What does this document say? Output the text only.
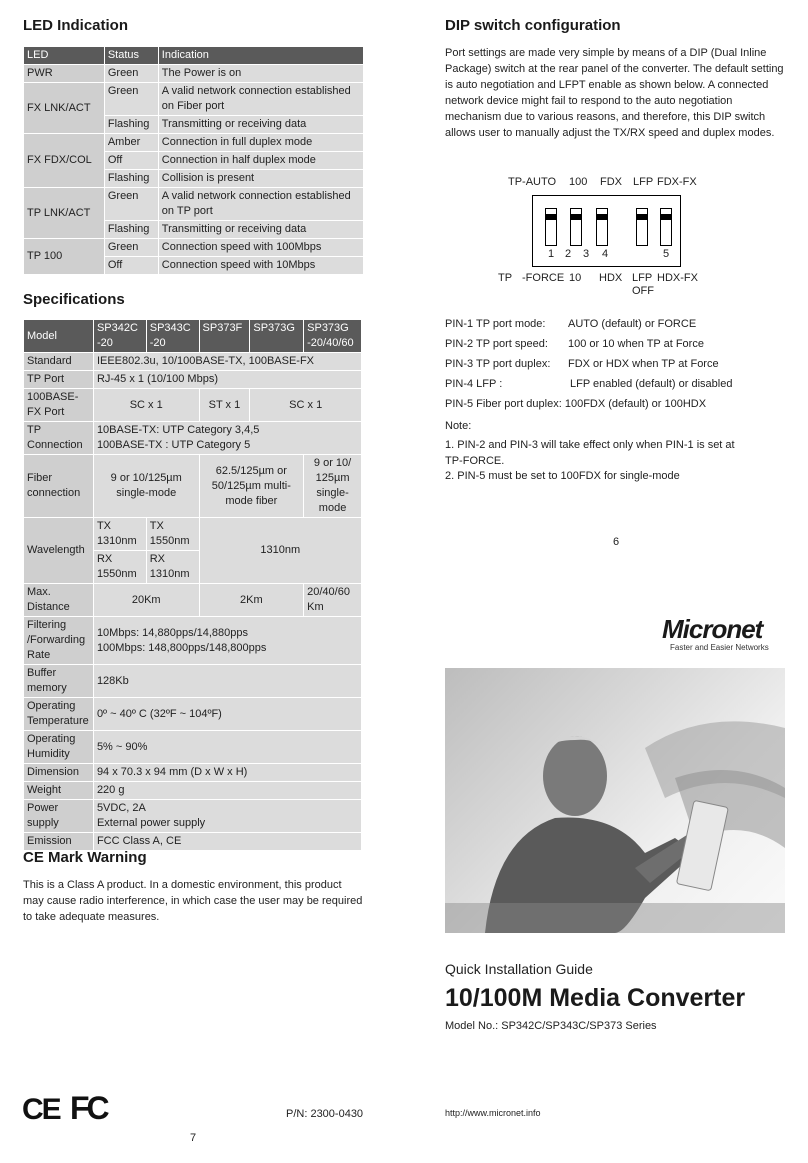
LED Indication
LED	Status	Indication
PWR	Green	The Power is on
FX LNK/ACT	Green	A valid network connection established on Fiber port
	Flashing	Transmitting or receiving data
FX FDX/COL	Amber	Connection in full duplex mode
	Off	Connection in half duplex mode
	Flashing	Collision is present
TP LNK/ACT	Green	A valid network connection established on TP port
	Flashing	Transmitting or receiving data
TP 100	Green	Connection speed with 100Mbps
	Off	Connection speed with 10Mbps
Specifications
Model	SP342C -20	SP343C -20	SP373F	SP373G	SP373G -20/40/60
Standard	IEEE802.3u, 10/100BASE-TX, 100BASE-FX				
TP Port	RJ-45 x 1 (10/100 Mbps)				
100BASE-FX Port	SC x 1		ST x 1	SC x 1	
TP Connection	10BASE-TX: UTP Category 3,4,5
100BASE-TX : UTP Category 5				

Fiber connection	9 or 10/125µm single-mode		62.5/125µm or 50/125µm multi-mode fiber		9 or 10/ 125µm single- mode
Wavelength	TX 1310nm	TX 1550nm	1310nm		
	RX 1550nm	RX 1310nm			
Max. Distance	20Km		2Km		20/40/60 Km
Filtering /Forwarding Rate	10Mbps: 14,880pps/14,880pps
100Mbps: 148,800pps/148,800pps				

Buffer memory	128Kb				
Operating Temperature	0º ~ 40º C (32ºF ~ 104ºF)				
Operating Humidity	5% ~ 90%				
Dimension	94 x 70.3 x 94 mm (D x W x H)				
Weight	220 g				
Power supply	5VDC, 2A
External power supply				

Emission	FCC Class A, CE				
CE Mark Warning

This is a Class A product. In a domestic environment, this product may cause radio interference, in which case the user may be required to take adequate measures.

CE FC	P/N: 2300-0430
7
DIP switch configuration

Port settings are made very simple by means of a DIP (Dual Inline Package) switch at the rear panel of the converter. The default setting is auto negotiation and LFPT enable as shown below. A connected network device might fail to respond to the auto negotiation mechanism due to various reasons, and therefore, this DIP switch allows user to manually adjust the TX/RX speed and duplex modes.

TP-AUTO 100 FDX LFP FDX-FX
1 2 3 4	5
TP -FORCE 10 HDX LFP OFF
HDX-FX
PIN-1 TP port mode: AUTO (default) or FORCE
PIN-2 TP port speed: 100 or 10 when TP at Force
PIN-3 TP port duplex: FDX or HDX when TP at Force
PIN-4 LFP :	LFP enabled (default) or disabled
PIN-5 Fiber port duplex: 100FDX (default) or 100HDX

Note:

1. PIN-2 and PIN-3 will take effect only when PIN-1 is set at TP-FORCE.

2. PIN-5 must be set to 100FDX for single-mode

6
Micronet
Faster and Easier Networks
Quick Installation Guide
10/100M Media Converter
Model No.: SP342C/SP343C/SP373 Series
http://www.micronet.info
